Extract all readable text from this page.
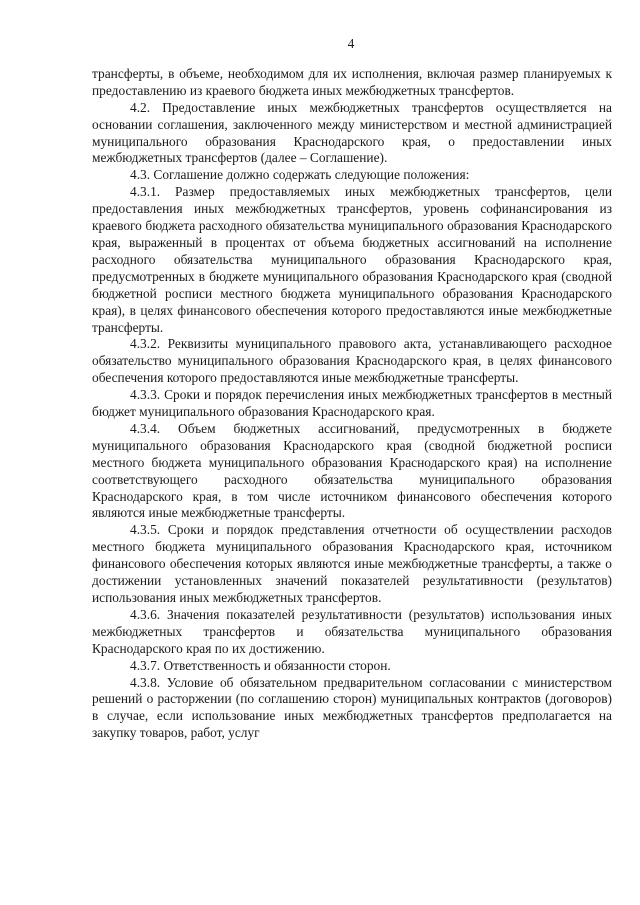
4

трансферты, в объеме, необходимом для их исполнения, включая размер планируемых к предоставлению из краевого бюджета иных межбюджетных трансфертов.

4.2. Предоставление иных межбюджетных трансфертов осуществляется на основании соглашения, заключенного между министерством и местной администрацией муниципального образования Краснодарского края, о предоставлении иных межбюджетных трансфертов (далее – Соглашение).

4.3. Соглашение должно содержать следующие положения:

4.3.1. Размер предоставляемых иных межбюджетных трансфертов, цели предоставления иных межбюджетных трансфертов, уровень софинансирования из краевого бюджета расходного обязательства муниципального образования Краснодарского края, выраженный в процентах от объема бюджетных ассигнований на исполнение расходного обязательства муниципального образования Краснодарского края, предусмотренных в бюджете муниципального образования Краснодарского края (сводной бюджетной росписи местного бюджета муниципального образования Краснодарского края), в целях финансового обеспечения которого предоставляются иные межбюджетные трансферты.

4.3.2. Реквизиты муниципального правового акта, устанавливающего расходное обязательство муниципального образования Краснодарского края, в целях финансового обеспечения которого предоставляются иные межбюджетные трансферты.

4.3.3. Сроки и порядок перечисления иных межбюджетных трансфертов в местный бюджет муниципального образования Краснодарского края.

4.3.4. Объем бюджетных ассигнований, предусмотренных в бюджете муниципального образования Краснодарского края (сводной бюджетной росписи местного бюджета муниципального образования Краснодарского края) на исполнение соответствующего расходного обязательства муниципального образования Краснодарского края, в том числе источником финансового обеспечения которого являются иные межбюджетные трансферты.

4.3.5. Сроки и порядок представления отчетности об осуществлении расходов местного бюджета муниципального образования Краснодарского края, источником финансового обеспечения которых являются иные межбюджетные трансферты, а также о достижении установленных значений показателей результативности (результатов) использования иных межбюджетных трансфертов.

4.3.6. Значения показателей результативности (результатов) использования иных межбюджетных трансфертов и обязательства муниципального образования Краснодарского края по их достижению.

4.3.7. Ответственность и обязанности сторон.

4.3.8. Условие об обязательном предварительном согласовании с министерством решений о расторжении (по соглашению сторон) муниципальных контрактов (договоров) в случае, если использование иных межбюджетных трансфертов предполагается на закупку товаров, работ, услуг
